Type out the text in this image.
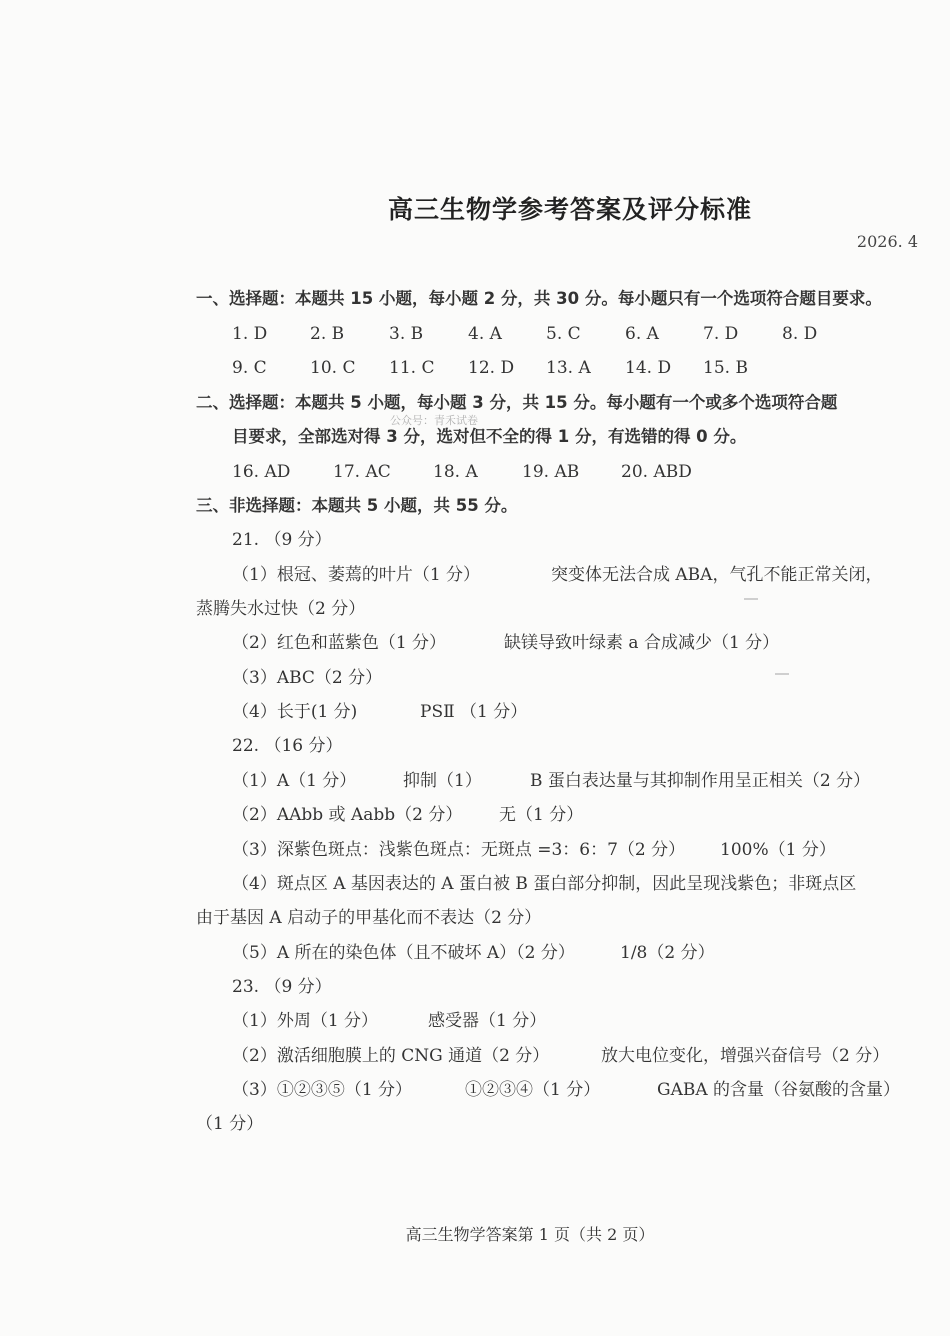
高三生物学参考答案及评分标准
2026. 4
一、选择题：本题共 15 小题，每小题 2 分，共 30 分。每小题只有一个选项符合题目要求。
1. D	2. B	3. B	4. A	5. C	6. A	7. D	8. D
9. C	10. C 11. C 12. D 13. A 14. D 15. B
二、选择题：本题共 5 小题，每小题 3 分，共 15 分。每小题有一个或多个选项符合题
公众号：青禾试卷
目要求，全部选对得 3 分，选对但不全的得 1 分，有选错的得 0 分。
16. AD	17. AC 18. A	19. AB 20. ABD
三、非选择题：本题共 5 小题，共 55 分。
21. （9 分）
（1）根冠、萎蔫的叶片（1 分）	突变体无法合成 ABA，气孔不能正常关闭，
蒸腾失水过快（2 分）
（2）红色和蓝紫色（1 分）	缺镁导致叶绿素 a 合成减少（1 分）
（3）ABC（2 分）
（4）长于(1 分)	PSⅡ （1 分）
22. （16 分）
（1）A（1 分）	抑制（1）	B 蛋白表达量与其抑制作用呈正相关（2 分）
（2）AAbb 或 Aabb（2 分） 无（1 分）
（3）深紫色斑点：浅紫色斑点：无斑点 =3：6：7（2 分） 100%（1 分）
（4）斑点区 A 基因表达的 A 蛋白被 B 蛋白部分抑制，因此呈现浅紫色；非斑点区
由于基因 A 启动子的甲基化而不表达（2 分）
（5）A 所在的染色体（且不破坏 A）（2 分）	1/8（2 分）
23. （9 分）
（1）外周（1 分）	感受器（1 分）
（2）激活细胞膜上的 CNG 通道（2 分）	放大电位变化，增强兴奋信号（2 分）
（3）①②③⑤（1 分）	①②③④（1 分）	GABA 的含量（谷氨酸的含量）
（1 分）
高三生物学答案第 1 页（共 2 页）
